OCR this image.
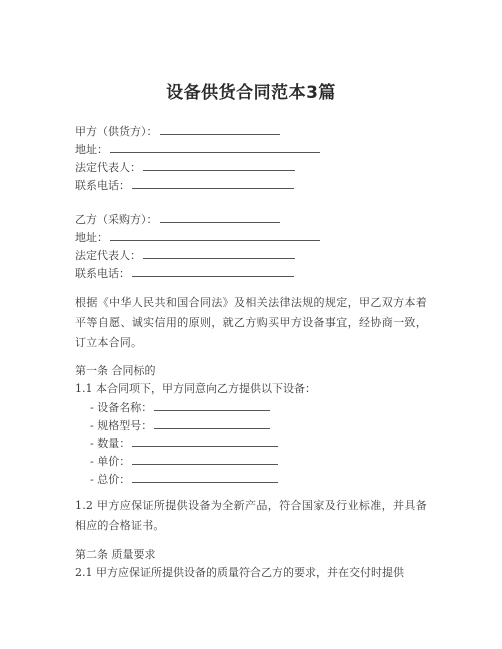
设备供货合同范本3篇
甲方（供货方）：
地址：
法定代表人：
联系电话：
乙方（采购方）：
地址：
法定代表人：
联系电话：
根据《中华人民共和国合同法》及相关法律法规的规定，甲乙双方本着平等自愿、诚实信用的原则，就乙方购买甲方设备事宜，经协商一致，订立本合同。
第一条 合同标的
1.1 本合同项下，甲方同意向乙方提供以下设备：
- 设备名称：
- 规格型号：
- 数量：
- 单价：
- 总价：
1.2 甲方应保证所提供设备为全新产品，符合国家及行业标准，并具备相应的合格证书。
第二条 质量要求
2.1 甲方应保证所提供设备的质量符合乙方的要求，并在交付时提供
